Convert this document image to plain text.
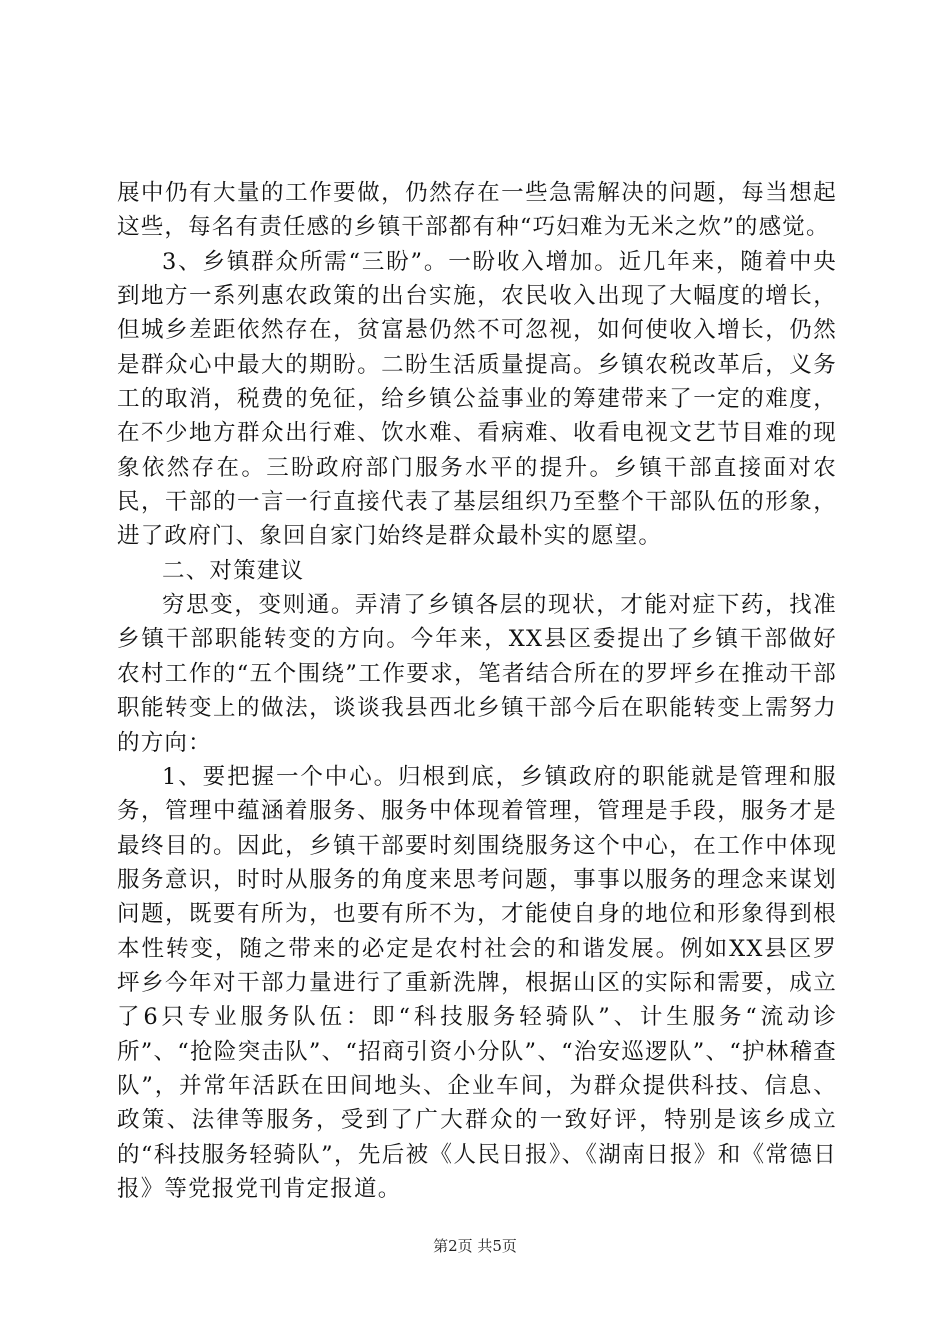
展中仍有大量的工作要做，仍然存在一些急需解决的问题，每当想起这些，每名有责任感的乡镇干部都有种“巧妇难为无米之炊”的感觉。

3、乡镇群众所需“三盼”。一盼收入增加。近几年来，随着中央到地方一系列惠农政策的出台实施，农民收入出现了大幅度的增长，但城乡差距依然存在，贫富悬仍然不可忽视，如何使收入增长，仍然是群众心中最大的期盼。二盼生活质量提高。乡镇农税改革后，义务工的取消，税费的免征，给乡镇公益事业的筹建带来了一定的难度，在不少地方群众出行难、饮水难、看病难、收看电视文艺节目难的现象依然存在。三盼政府部门服务水平的提升。乡镇干部直接面对农民，干部的一言一行直接代表了基层组织乃至整个干部队伍的形象，进了政府门、象回自家门始终是群众最朴实的愿望。

二、对策建议

穷思变，变则通。弄清了乡镇各层的现状，才能对症下药，找准乡镇干部职能转变的方向。今年来，XX县区委提出了乡镇干部做好农村工作的“五个围绕”工作要求，笔者结合所在的罗坪乡在推动干部职能转变上的做法，谈谈我县西北乡镇干部今后在职能转变上需努力的方向：

1、要把握一个中心。归根到底，乡镇政府的职能就是管理和服务，管理中蕴涵着服务、服务中体现着管理，管理是手段，服务才是最终目的。因此，乡镇干部要时刻围绕服务这个中心，在工作中体现服务意识，时时从服务的角度来思考问题，事事以服务的理念来谋划问题，既要有所为，也要有所不为，才能使自身的地位和形象得到根本性转变，随之带来的必定是农村社会的和谐发展。例如XX县区罗坪乡今年对干部力量进行了重新洗牌，根据山区的实际和需要，成立了6只专业服务队伍：即“科技服务轻骑队”、计生服务“流动诊所”、“抢险突击队”、“招商引资小分队”、“治安巡逻队”、“护林稽查队”，并常年活跃在田间地头、企业车间，为群众提供科技、信息、政策、法律等服务，受到了广大群众的一致好评，特别是该乡成立的“科技服务轻骑队”，先后被《人民日报》、《湖南日报》和《常德日报》等党报党刊肯定报道。

第2页 共5页
